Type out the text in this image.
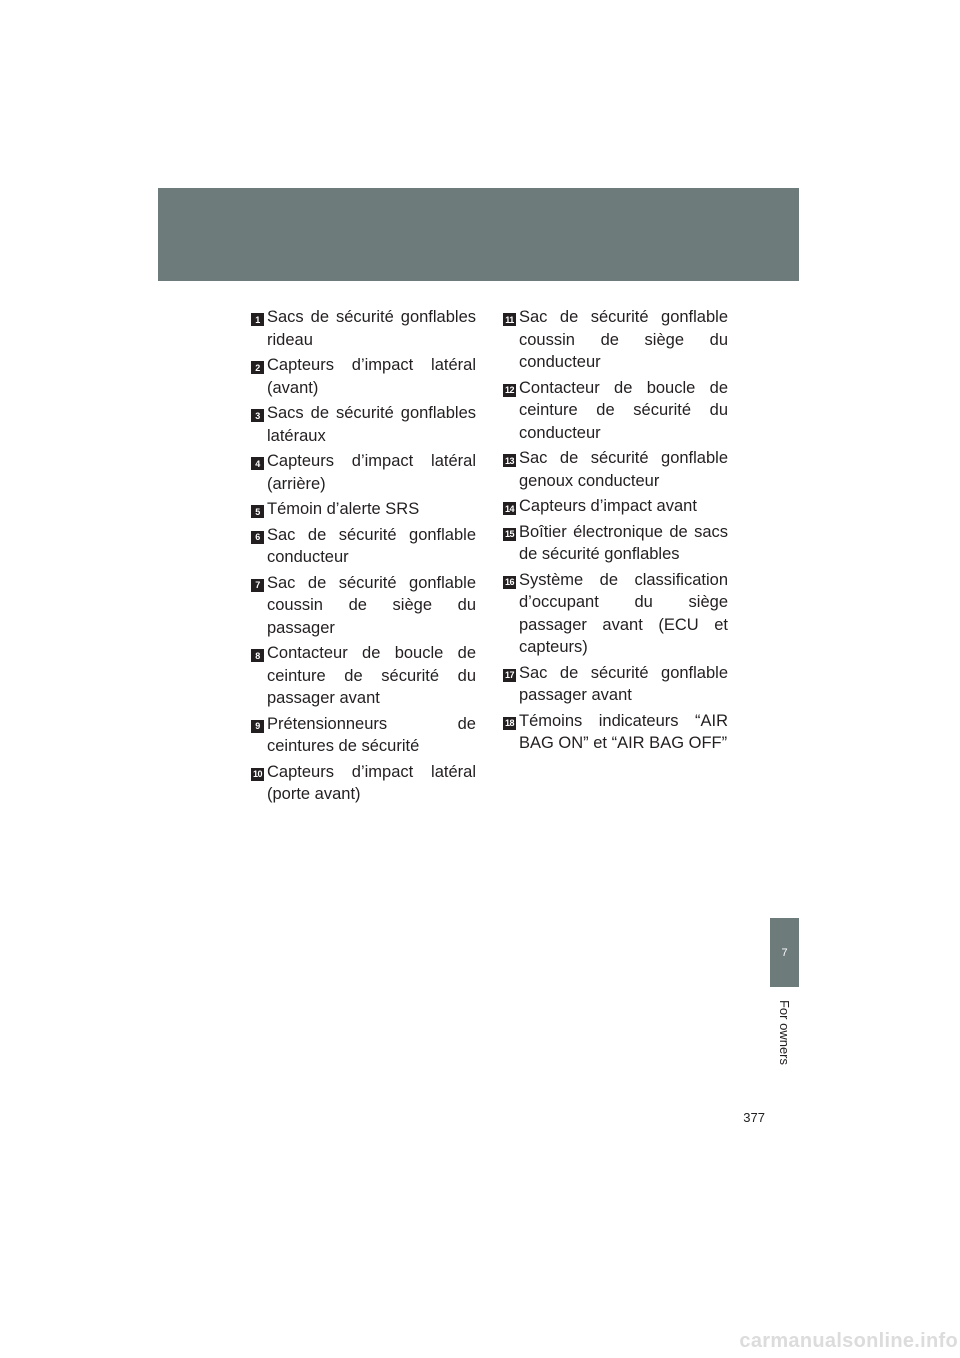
1 Sacs de sécurité gonflables rideau
2 Capteurs d’impact latéral (avant)
3 Sacs de sécurité gonflables latéraux
4 Capteurs d’impact latéral (arrière)
5 Témoin d’alerte SRS
6 Sac de sécurité gonflable conducteur
7 Sac de sécurité gonflable coussin de siège du passager
8 Contacteur de boucle de ceinture de sécurité du passager avant
9 Prétensionneurs de ceintures de sécurité
10 Capteurs d’impact latéral (porte avant)
11 Sac de sécurité gonflable coussin de siège du conducteur
12 Contacteur de boucle de ceinture de sécurité du conducteur
13 Sac de sécurité gonflable genoux conducteur
14 Capteurs d’impact avant
15 Boîtier électronique de sacs de sécurité gonflables
16 Système de classification d’occupant du siège passager avant (ECU et capteurs)
17 Sac de sécurité gonflable passager avant
18 Témoins indicateurs “AIR BAG ON” et “AIR BAG OFF”
7
For owners
377
carmanualsonline.info
